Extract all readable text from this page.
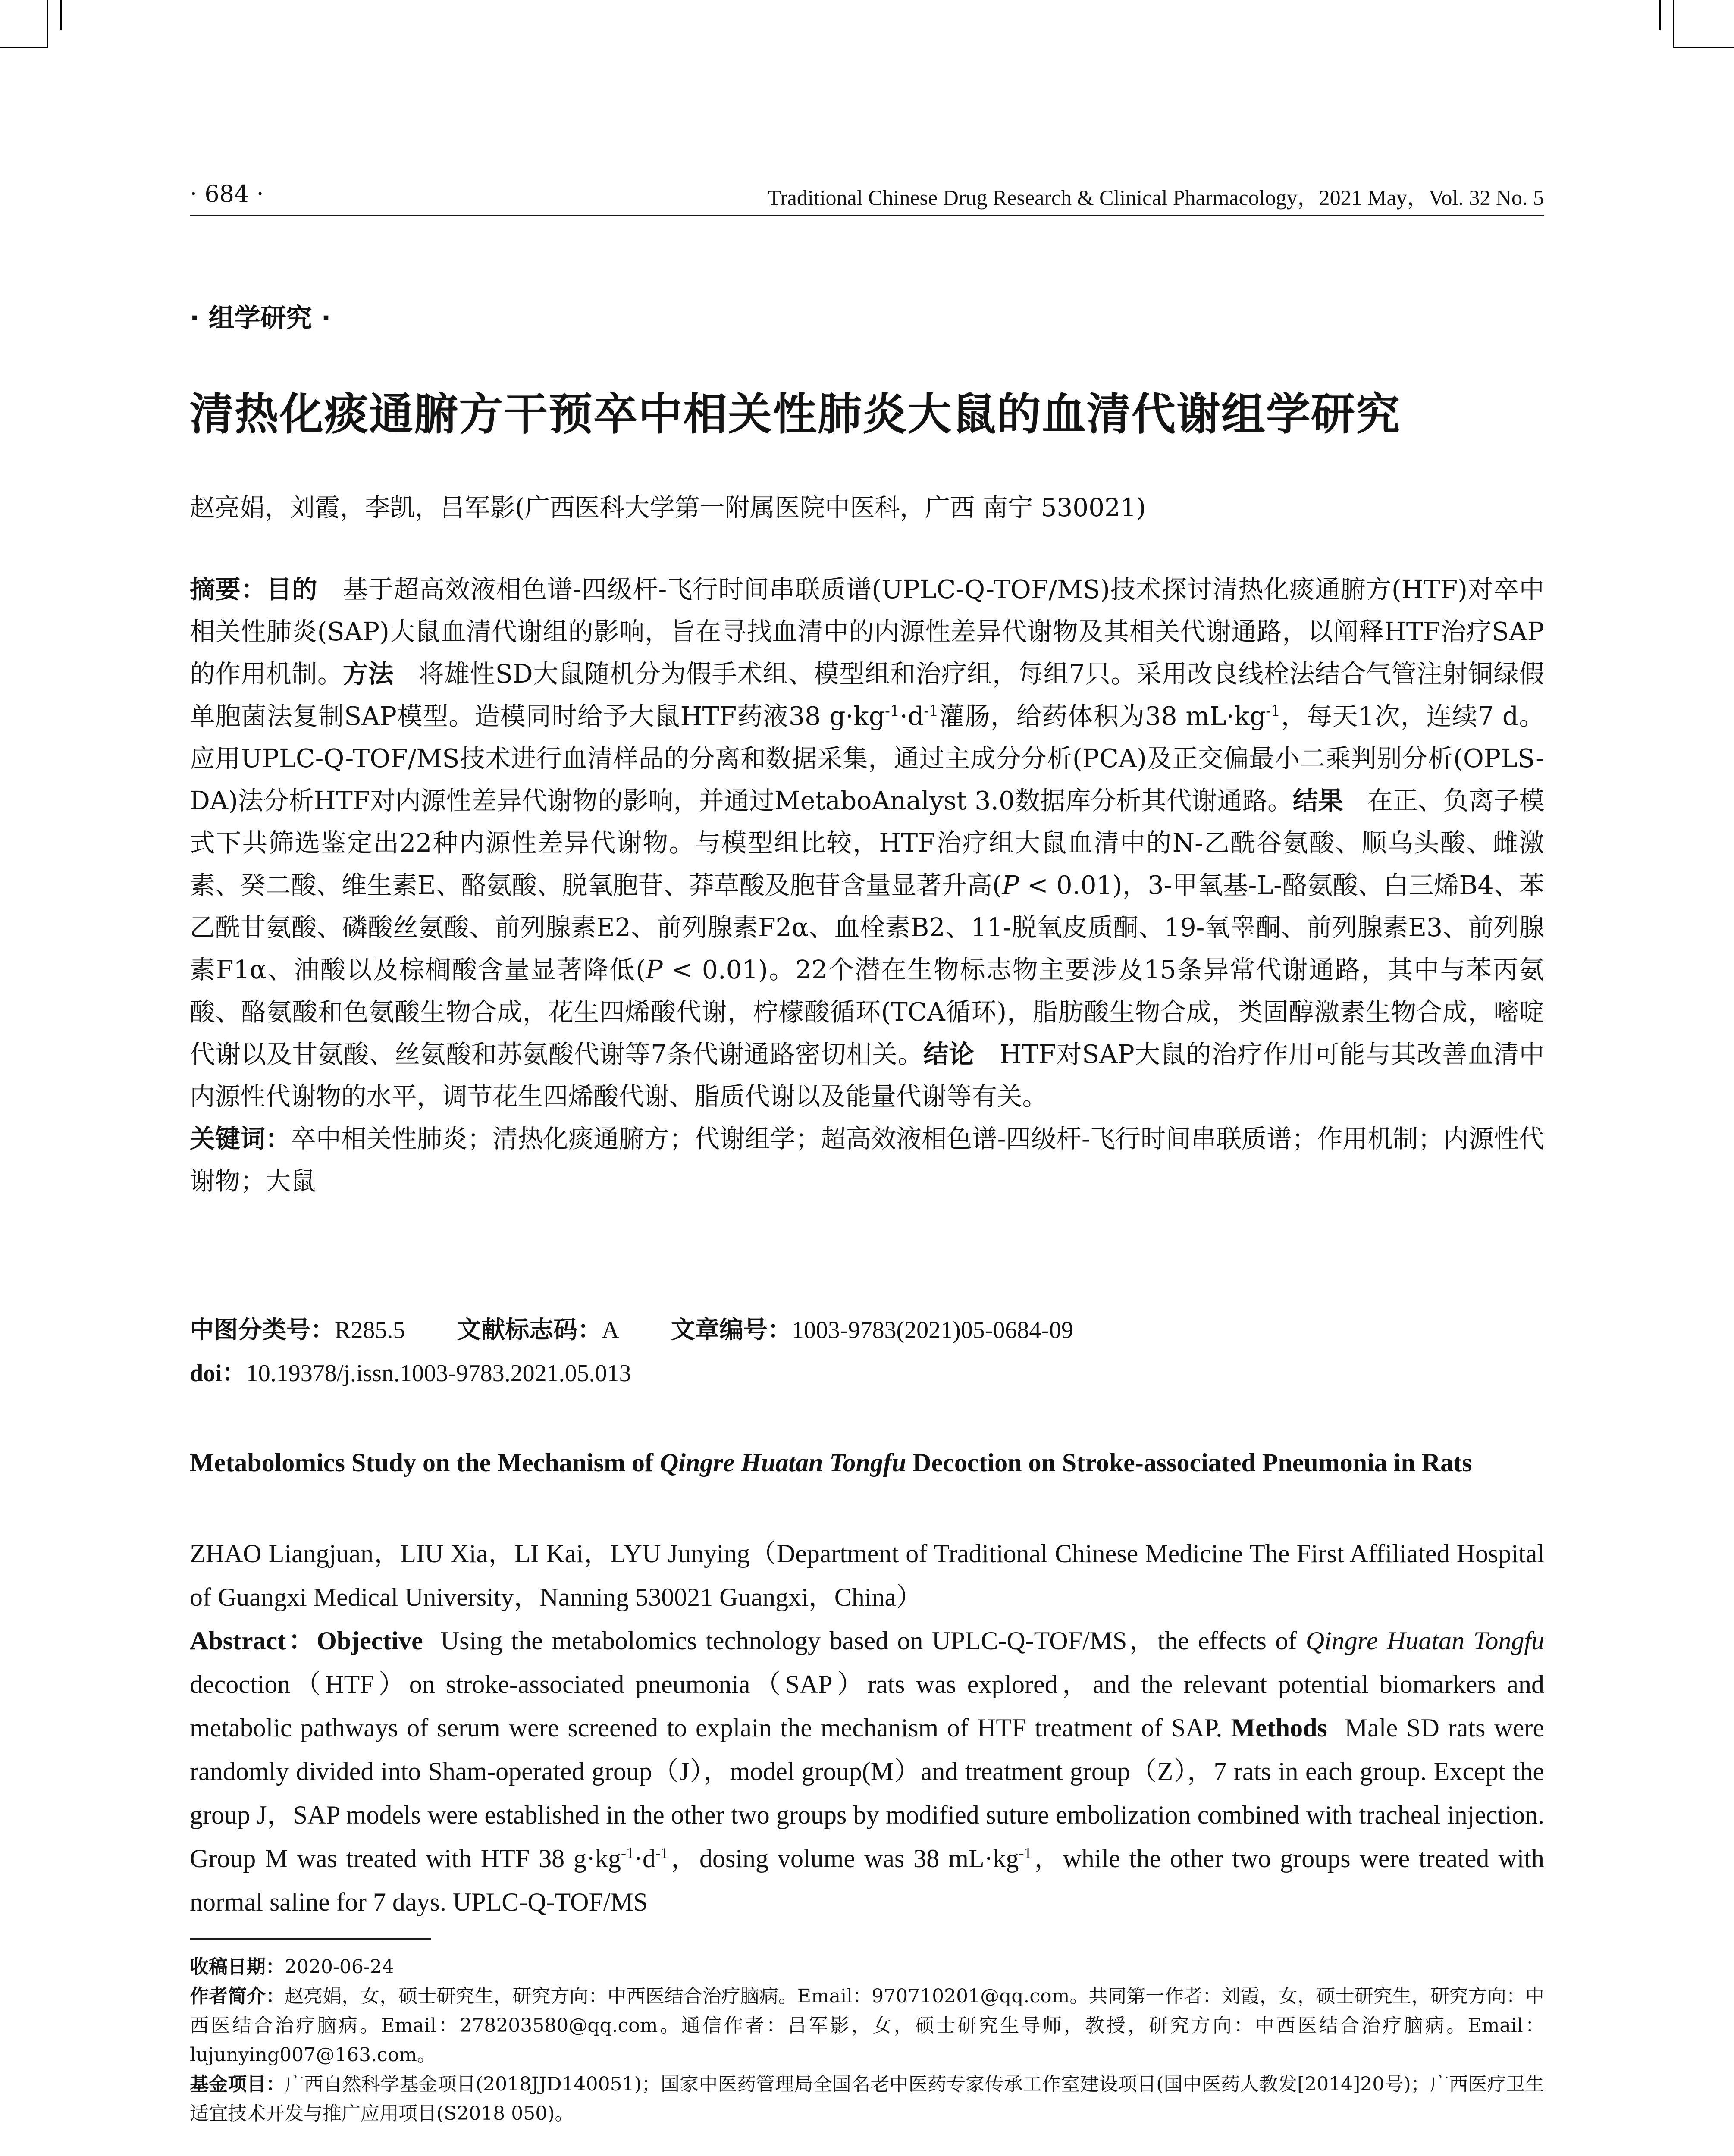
· 684 ·	Traditional Chinese Drug Research & Clinical Pharmacology，2021 May，Vol. 32 No. 5
· 组学研究 ·
清热化痰通腑方干预卒中相关性肺炎大鼠的血清代谢组学研究
赵亮娟，刘霞，李凯，吕军影(广西医科大学第一附属医院中医科，广西 南宁 530021)

摘要：目的 基于超高效液相色谱-四级杆-飞行时间串联质谱(UPLC-Q-TOF/MS)技术探讨清热化痰通腑方(HTF)对卒中相关性肺炎(SAP)大鼠血清代谢组的影响，旨在寻找血清中的内源性差异代谢物及其相关代谢通路，以阐释HTF治疗SAP的作用机制。方法 将雄性SD大鼠随机分为假手术组、模型组和治疗组，每组7只。采用改良线栓法结合气管注射铜绿假单胞菌法复制SAP模型。造模同时给予大鼠HTF药液38 $g\cdot kg^{-1}\cdot d^{-1}$灌肠，给药体积为38 $mL\cdot kg^{-1}$，每天1次，连续7 d。应用UPLC-Q-TOF/MS技术进行血清样品的分离和数据采集，通过主成分分析(PCA)及正交偏最小二乘判别分析(OPLS-DA)法分析HTF对内源性差异代谢物的影响，并通过MetaboAnalyst 3.0数据库分析其代谢通路。结果 在正、负离子模式下共筛选鉴定出22种内源性差异代谢物。与模型组比较，HTF治疗组大鼠血清中的N-乙酰谷氨酸、顺乌头酸、雌激素、癸二酸、维生素E、酪氨酸、脱氧胞苷、莽草酸及胞苷含量显著升高(P < 0.01)，3-甲氧基-L-酪氨酸、白三烯B4、苯乙酰甘氨酸、磷酸丝氨酸、前列腺素E2、前列腺素F2α、血栓素B2、11-脱氧皮质酮、19-氧睾酮、前列腺素E3、前列腺素F1α、油酸以及棕榈酸含量显著降低(P < 0.01)。22个潜在生物标志物主要涉及15条异常代谢通路，其中与苯丙氨酸、酪氨酸和色氨酸生物合成，花生四烯酸代谢，柠檬酸循环(TCA循环)，脂肪酸生物合成，类固醇激素生物合成，嘧啶代谢以及甘氨酸、丝氨酸和苏氨酸代谢等7条代谢通路密切相关。结论 HTF对SAP大鼠的治疗作用可能与其改善血清中内源性代谢物的水平，调节花生四烯酸代谢、脂质代谢以及能量代谢等有关。

关键词：卒中相关性肺炎；清热化痰通腑方；代谢组学；超高效液相色谱-四级杆-飞行时间串联质谱；作用机制；内源性代谢物；大鼠

中图分类号：R285.5 文献标志码：A 文章编号：1003-9783(2021)05-0684-09
doi：10.19378/j.issn.1003-9783.2021.05.013
Metabolomics Study on the Mechanism of Qingre Huatan Tongfu Decoction on Stroke-associated Pneumonia in Rats
ZHAO Liangjuan，LIU Xia，LI Kai，LYU Junying（Department of Traditional Chinese Medicine The First Affiliated Hospital of Guangxi Medical University，Nanning 530021 Guangxi，China）

Abstract：Objective Using the metabolomics technology based on UPLC-Q-TOF/MS，the effects of Qingre Huatan Tongfu decoction（HTF）on stroke-associated pneumonia（SAP）rats was explored，and the relevant potential biomarkers and metabolic pathways of serum were screened to explain the mechanism of HTF treatment of SAP. Methods Male SD rats were randomly divided into Sham-operated group（J），model group(M）and treatment group（Z），7 rats in each group. Except the group J，SAP models were established in the other two groups by modified suture embolization combined with tracheal injection. Group M was treated with HTF 38 $g\cdot kg^{-1}\cdot d^{-1}$，dosing volume was 38 $mL\cdot kg^{-1}$，while the other two groups were treated with normal saline for 7 days. UPLC-Q-TOF/MS

收稿日期：2020-06-24

作者简介：赵亮娟，女，硕士研究生，研究方向：中西医结合治疗脑病。Email：970710201@qq.com。共同第一作者：刘霞，女，硕士研究生，研究方向：中西医结合治疗脑病。Email：278203580@qq.com。通信作者：吕军影，女，硕士研究生导师，教授，研究方向：中西医结合治疗脑病。Email：lujunying007@163.com。

基金项目：广西自然科学基金项目(2018JJD140051)；国家中医药管理局全国名老中医药专家传承工作室建设项目(国中医药人教发[2014]20号)；广西医疗卫生适宜技术开发与推广应用项目(S2018 050)。
